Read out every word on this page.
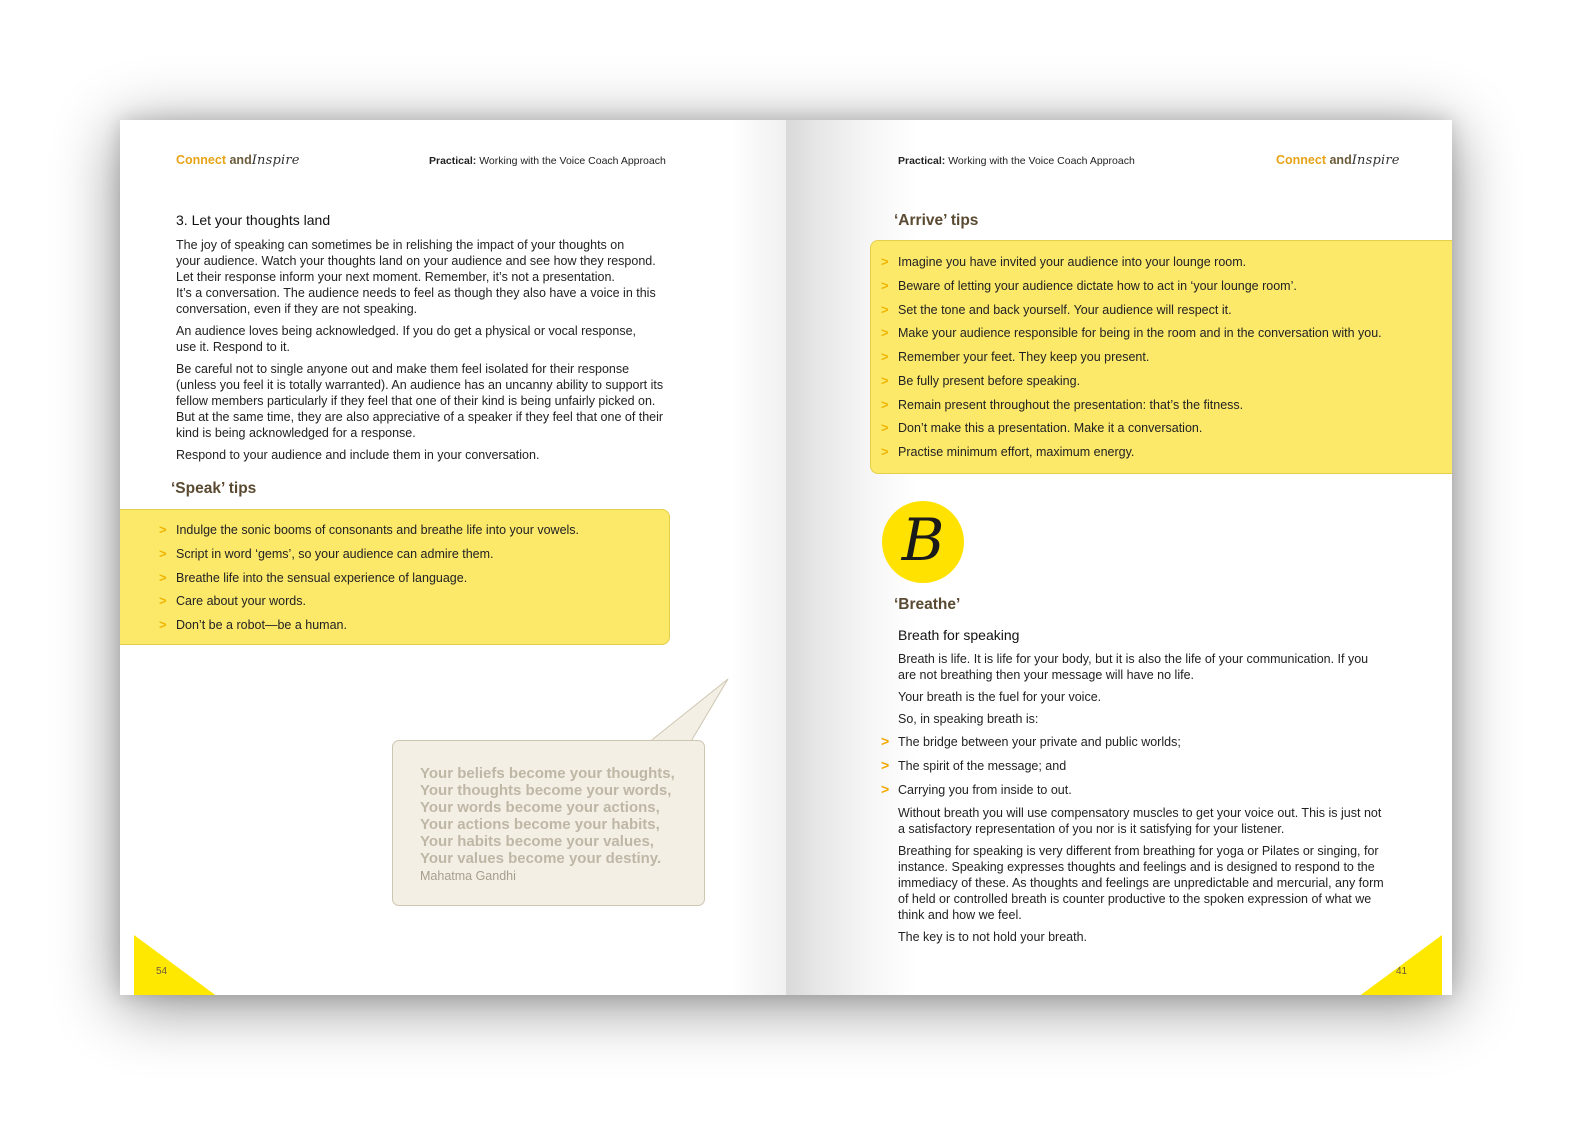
Connect andInspire	Practical: Working with the Voice Coach Approach
3. Let your thoughts land
The joy of speaking can sometimes be in relishing the impact of your thoughts on
your audience. Watch your thoughts land on your audience and see how they respond.
Let their response inform your next moment. Remember, it’s not a presentation.
It’s a conversation. The audience needs to feel as though they also have a voice in this
conversation, even if they are not speaking.
An audience loves being acknowledged. If you do get a physical or vocal response,
use it. Respond to it.
Be careful not to single anyone out and make them feel isolated for their response
(unless you feel it is totally warranted). An audience has an uncanny ability to support its
fellow members particularly if they feel that one of their kind is being unfairly picked on.
But at the same time, they are also appreciative of a speaker if they feel that one of their
kind is being acknowledged for a response.
Respond to your audience and include them in your conversation.
‘Speak’ tips
> Indulge the sonic booms of consonants and breathe life into your vowels.
> Script in word ‘gems’, so your audience can admire them.
> Breathe life into the sensual experience of language.
> Care about your words.
> Don’t be a robot—be a human.
Your beliefs become your thoughts,
Your thoughts become your words,
Your words become your actions,
Your actions become your habits,
Your habits become your values,
Your values become your destiny.
Mahatma Gandhi
54
Practical: Working with the Voice Coach Approach	Connect andInspire
‘Arrive’ tips
> Imagine you have invited your audience into your lounge room.
> Beware of letting your audience dictate how to act in ‘your lounge room’.
> Set the tone and back yourself. Your audience will respect it.
> Make your audience responsible for being in the room and in the conversation with you.
> Remember your feet. They keep you present.
> Be fully present before speaking.
> Remain present throughout the presentation: that’s the fitness.
> Don’t make this a presentation. Make it a conversation.
> Practise minimum effort, maximum energy.
B
‘Breathe’
Breath for speaking
Breath is life. It is life for your body, but it is also the life of your communication. If you
are not breathing then your message will have no life.
Your breath is the fuel for your voice.
So, in speaking breath is:
> The bridge between your private and public worlds;
> The spirit of the message; and
> Carrying you from inside to out.
Without breath you will use compensatory muscles to get your voice out. This is just not
a satisfactory representation of you nor is it satisfying for your listener.
Breathing for speaking is very different from breathing for yoga or Pilates or singing, for
instance. Speaking expresses thoughts and feelings and is designed to respond to the
immediacy of these. As thoughts and feelings are unpredictable and mercurial, any form
of held or controlled breath is counter productive to the spoken expression of what we
think and how we feel.
The key is to not hold your breath.
41
